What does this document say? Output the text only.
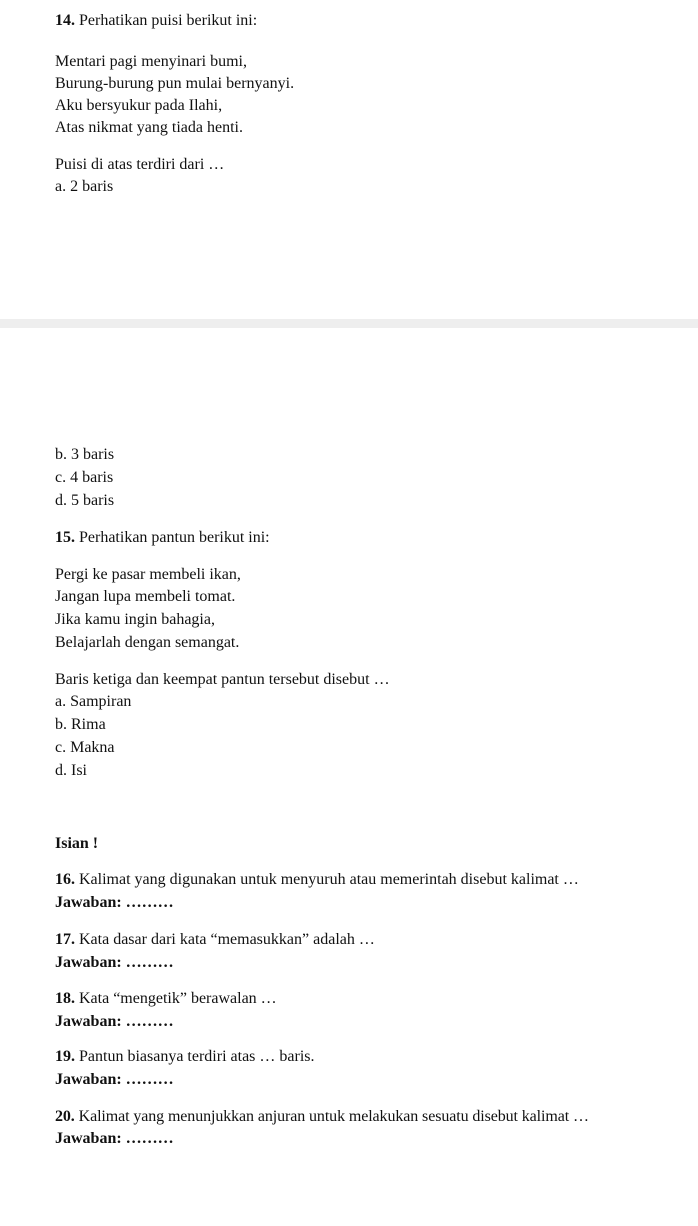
14. Perhatikan puisi berikut ini:
Mentari pagi menyinari bumi,
Burung-burung pun mulai bernyanyi.
Aku bersyukur pada Ilahi,
Atas nikmat yang tiada henti.
Puisi di atas terdiri dari …
a. 2 baris
b. 3 baris
c. 4 baris
d. 5 baris
15. Perhatikan pantun berikut ini:
Pergi ke pasar membeli ikan,
Jangan lupa membeli tomat.
Jika kamu ingin bahagia,
Belajarlah dengan semangat.
Baris ketiga dan keempat pantun tersebut disebut …
a. Sampiran
b. Rima
c. Makna
d. Isi
Isian !
16. Kalimat yang digunakan untuk menyuruh atau memerintah disebut kalimat …
Jawaban: ………
17. Kata dasar dari kata “memasukkan” adalah …
Jawaban: ………
18. Kata “mengetik” berawalan …
Jawaban: ………
19. Pantun biasanya terdiri atas … baris.
Jawaban: ………
20. Kalimat yang menunjukkan anjuran untuk melakukan sesuatu disebut kalimat …
Jawaban: ………
